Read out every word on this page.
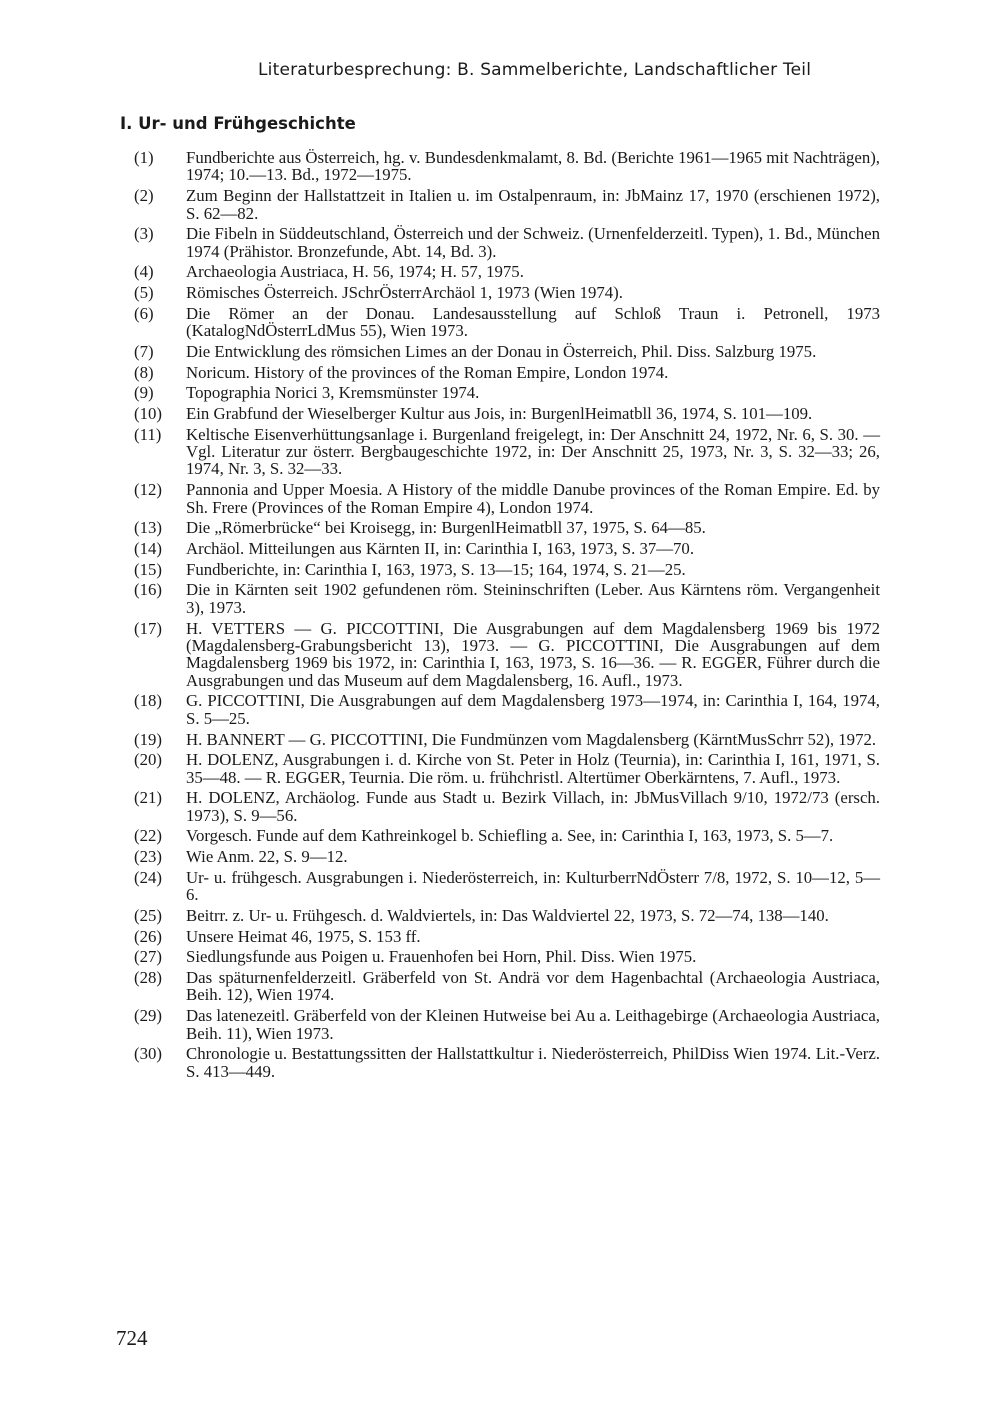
Literaturbesprechung: B. Sammelberichte, Landschaftlicher Teil
I. Ur- und Frühgeschichte
(1)	Fundberichte aus Österreich, hg. v. Bundesdenkmalamt, 8. Bd. (Berichte 1961—1965 mit Nachträgen), 1974; 10.—13. Bd., 1972—1975.
(2)	Zum Beginn der Hallstattzeit in Italien u. im Ostalpenraum, in: JbMainz 17, 1970 (erschienen 1972), S. 62—82.
(3)	Die Fibeln in Süddeutschland, Österreich und der Schweiz. (Urnenfelderzeitl. Typen), 1. Bd., München 1974 (Prähistor. Bronzefunde, Abt. 14, Bd. 3).
(4)	Archaeologia Austriaca, H. 56, 1974; H. 57, 1975.
(5)	Römisches Österreich. JSchrÖsterrArchäol 1, 1973 (Wien 1974).
(6)	Die Römer an der Donau. Landesausstellung auf Schloß Traun i. Petronell, 1973 (KatalogNdÖsterrLdMus 55), Wien 1973.
(7)	Die Entwicklung des römsichen Limes an der Donau in Österreich, Phil. Diss. Salzburg 1975.
(8)	Noricum. History of the provinces of the Roman Empire, London 1974.
(9)	Topographia Norici 3, Kremsmünster 1974.
(10)	Ein Grabfund der Wieselberger Kultur aus Jois, in: BurgenlHeimatbll 36, 1974, S. 101—109.
(11)	Keltische Eisenverhüttungsanlage i. Burgenland freigelegt, in: Der Anschnitt 24, 1972, Nr. 6, S. 30. — Vgl. Literatur zur österr. Bergbaugeschichte 1972, in: Der Anschnitt 25, 1973, Nr. 3, S. 32—33; 26, 1974, Nr. 3, S. 32—33.
(12)	Pannonia and Upper Moesia. A History of the middle Danube provinces of the Roman Empire. Ed. by Sh. Frere (Provinces of the Roman Empire 4), London 1974.
(13)	Die „Römerbrücke“ bei Kroisegg, in: BurgenlHeimatbll 37, 1975, S. 64—85.
(14)	Archäol. Mitteilungen aus Kärnten II, in: Carinthia I, 163, 1973, S. 37—70.
(15)	Fundberichte, in: Carinthia I, 163, 1973, S. 13—15; 164, 1974, S. 21—25.
(16)	Die in Kärnten seit 1902 gefundenen röm. Steininschriften (Leber. Aus Kärntens röm. Vergangenheit 3), 1973.
(17)	H. VETTERS — G. PICCOTTINI, Die Ausgrabungen auf dem Magdalensberg 1969 bis 1972 (Magdalensberg-Grabungsbericht 13), 1973. — G. PICCOTTINI, Die Ausgrabungen auf dem Magdalensberg 1969 bis 1972, in: Carinthia I, 163, 1973, S. 16—36. — R. EGGER, Führer durch die Ausgrabungen und das Museum auf dem Magdalensberg, 16. Aufl., 1973.
(18)	G. PICCOTTINI, Die Ausgrabungen auf dem Magdalensberg 1973—1974, in: Carinthia I, 164, 1974, S. 5—25.
(19)	H. BANNERT — G. PICCOTTINI, Die Fundmünzen vom Magdalensberg (KärntMusSchrr 52), 1972.
(20)	H. DOLENZ, Ausgrabungen i. d. Kirche von St. Peter in Holz (Teurnia), in: Carinthia I, 161, 1971, S. 35—48. — R. EGGER, Teurnia. Die röm. u. frühchristl. Altertümer Oberkärntens, 7. Aufl., 1973.
(21)	H. DOLENZ, Archäolog. Funde aus Stadt u. Bezirk Villach, in: JbMusVillach 9/10, 1972/73 (ersch. 1973), S. 9—56.
(22)	Vorgesch. Funde auf dem Kathreinkogel b. Schiefling a. See, in: Carinthia I, 163, 1973, S. 5—7.
(23)	Wie Anm. 22, S. 9—12.
(24)	Ur- u. frühgesch. Ausgrabungen i. Niederösterreich, in: KulturberrNdÖsterr 7/8, 1972, S. 10—12, 5—6.
(25)	Beitrr. z. Ur- u. Frühgesch. d. Waldviertels, in: Das Waldviertel 22, 1973, S. 72—74, 138—140.
(26)	Unsere Heimat 46, 1975, S. 153 ff.
(27)	Siedlungsfunde aus Poigen u. Frauenhofen bei Horn, Phil. Diss. Wien 1975.
(28)	Das späturnenfelderzeitl. Gräberfeld von St. Andrä vor dem Hagenbachtal (Archaeologia Austriaca, Beih. 12), Wien 1974.
(29)	Das latenezeitl. Gräberfeld von der Kleinen Hutweise bei Au a. Leithagebirge (Archaeologia Austriaca, Beih. 11), Wien 1973.
(30)	Chronologie u. Bestattungssitten der Hallstattkultur i. Niederösterreich, PhilDiss Wien 1974. Lit.-Verz. S. 413—449.
724
